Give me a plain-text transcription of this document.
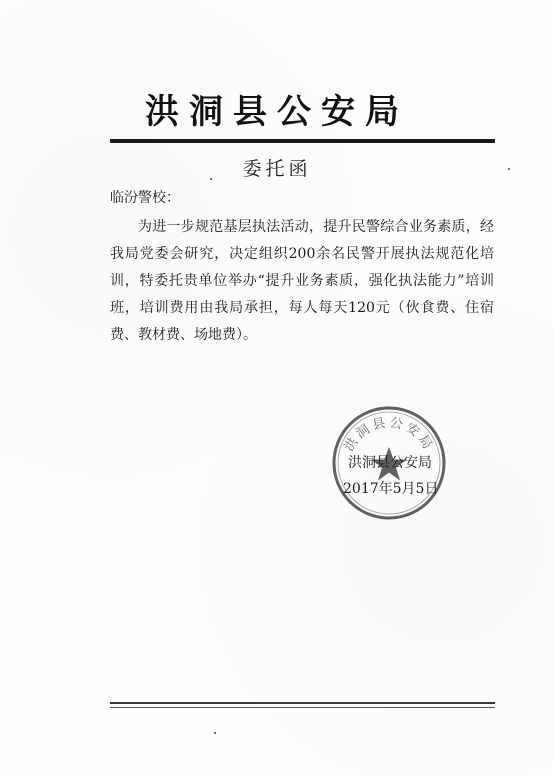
洪洞县公安局
委托函
临汾警校：

为进一步规范基层执法活动，提升民警综合业务素质，经我局党委会研究，决定组织200余名民警开展执法规范化培训，特委托贵单位举办“提升业务素质，强化执法能力”培训班，培训费用由我局承担，每人每天120元（伙食费、住宿费、教材费、场地费）。

洪洞县公安局
洪洞县公安局
2017年5月5日
